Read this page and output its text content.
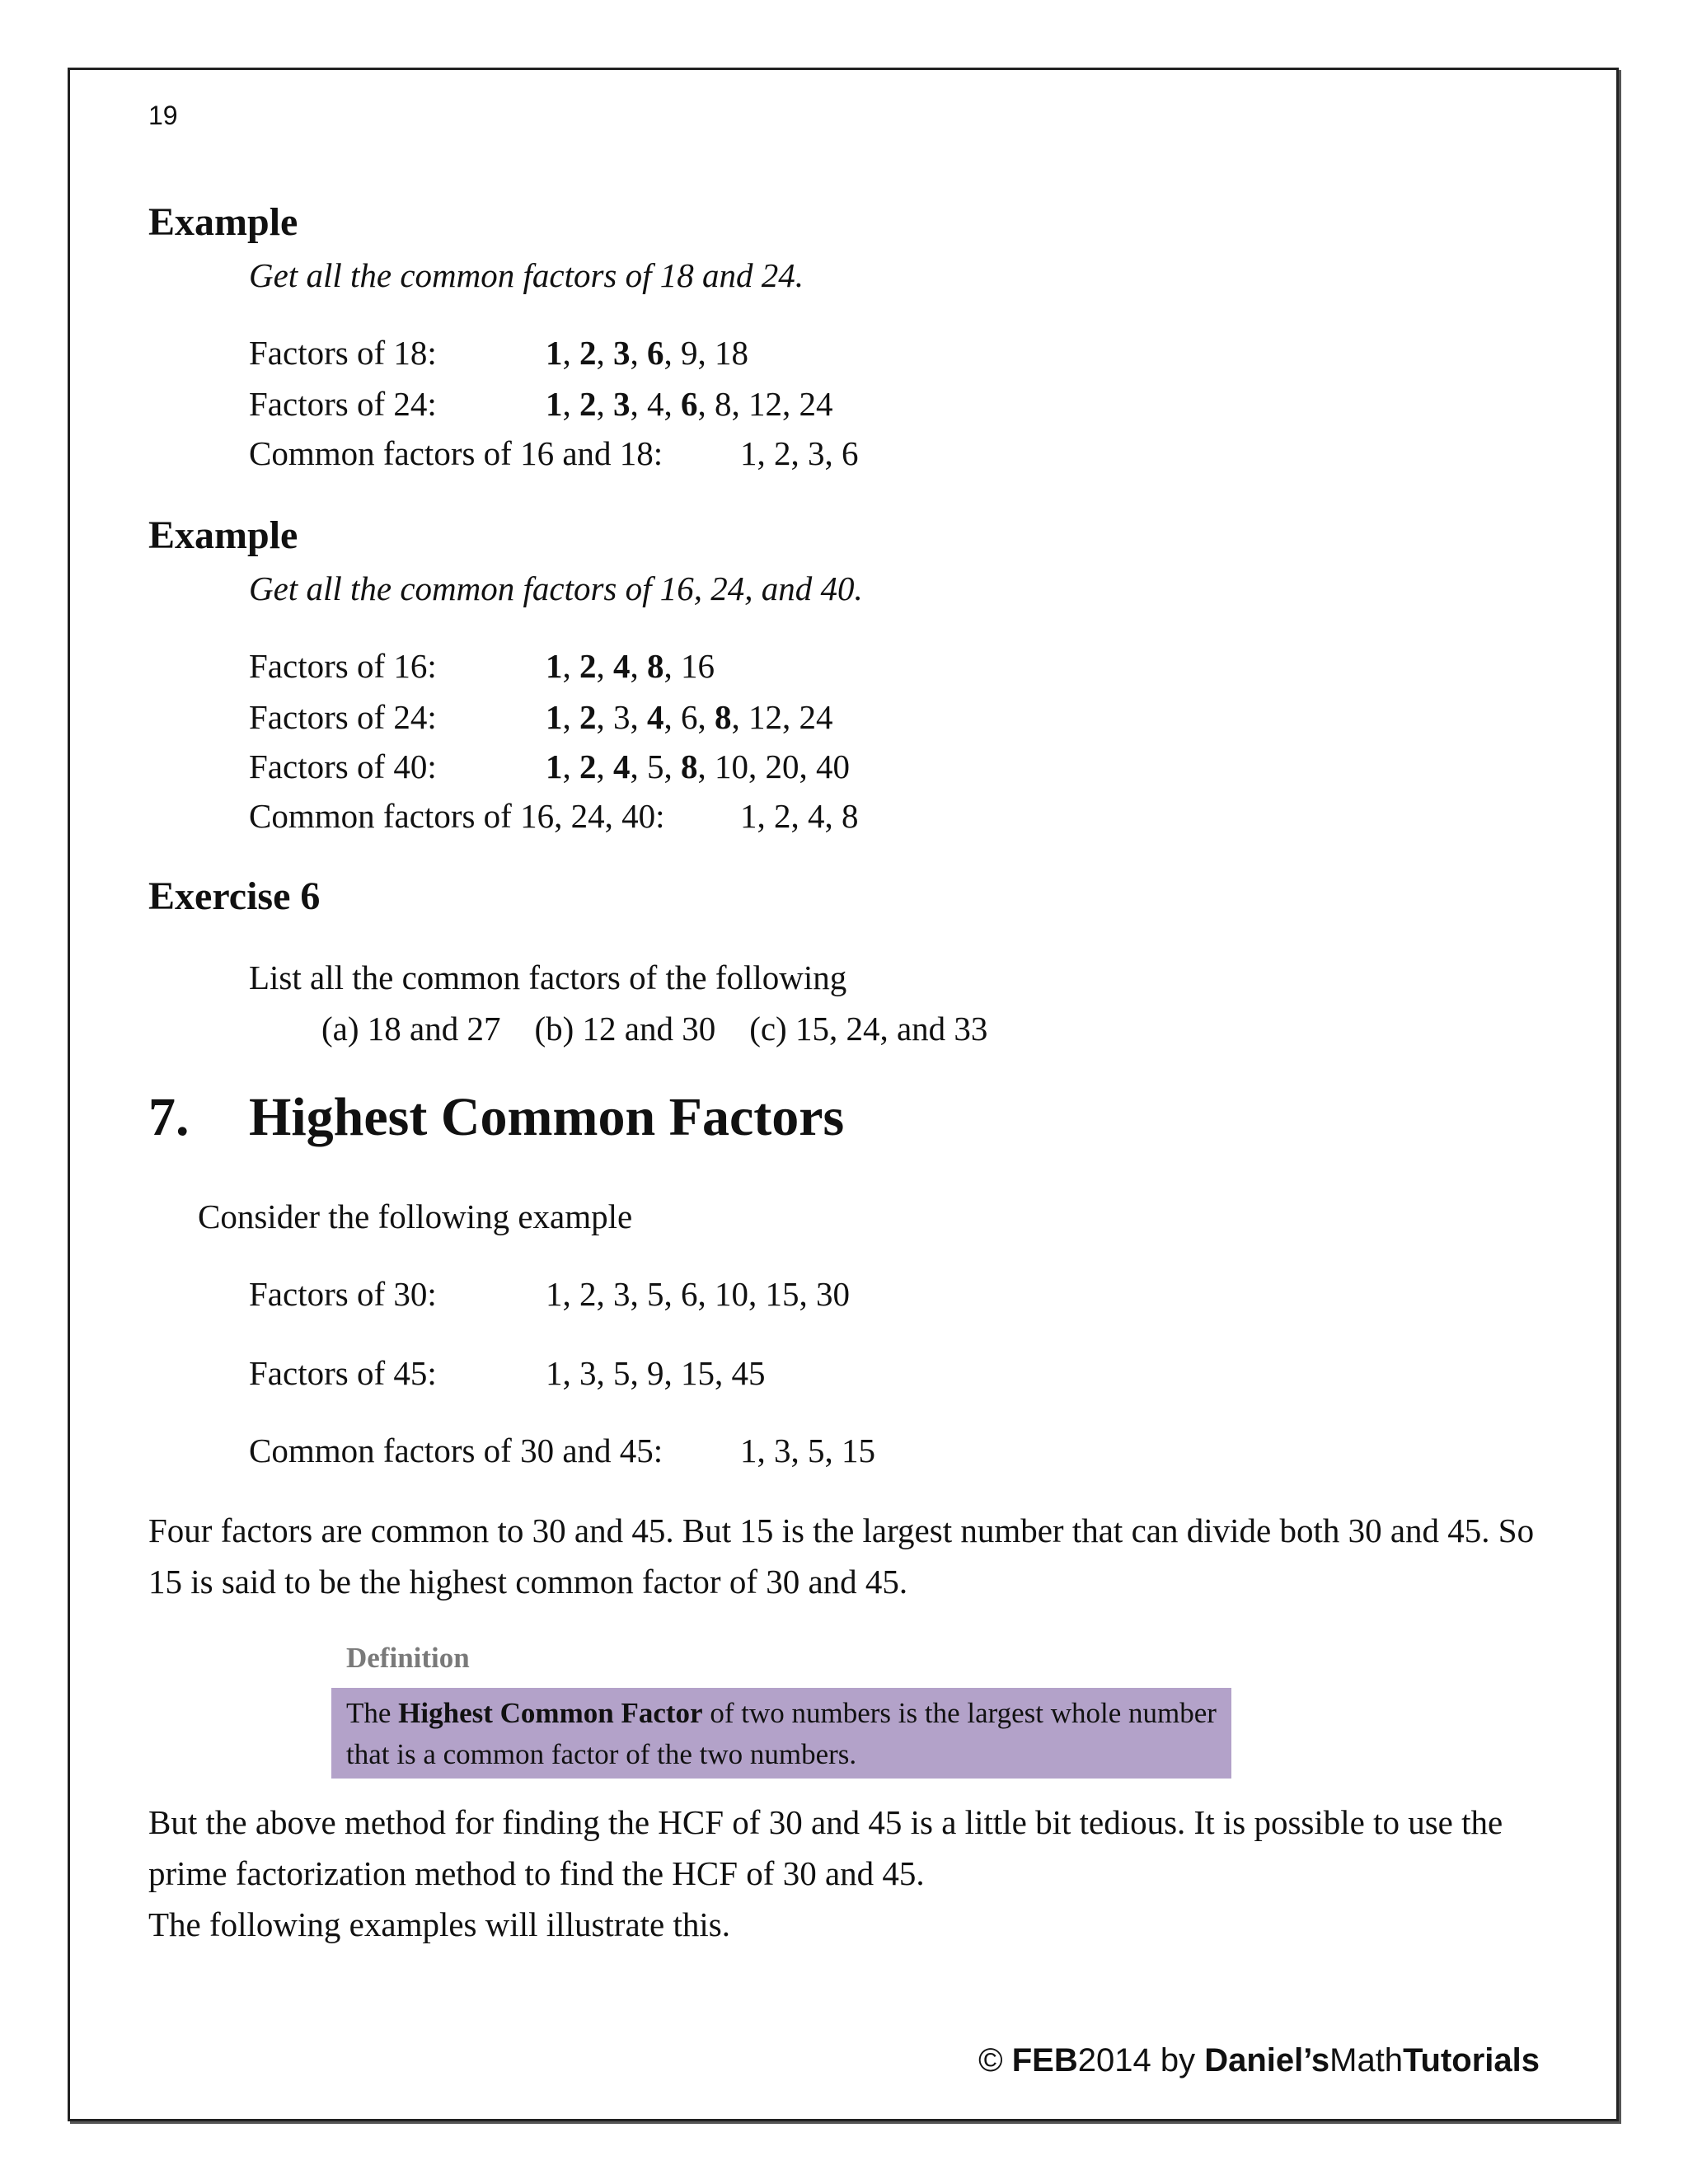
19
Example
Get all the common factors of 18 and 24.
Factors of 18:	1, 2, 3, 6, 9, 18
Factors of 24:	1, 2, 3, 4, 6, 8, 12, 24
Common factors of 16 and 18: 1, 2, 3, 6
Example
Get all the common factors of 16, 24, and 40.
Factors of 16:	1, 2, 4, 8, 16
Factors of 24:	1, 2, 3, 4, 6, 8, 12, 24
Factors of 40:	1, 2, 4, 5, 8, 10, 20, 40
Common factors of 16, 24, 40: 1, 2, 4, 8
Exercise 6
List all the common factors of the following
(a) 18 and 27    (b) 12 and 30    (c) 15, 24, and 33
7. Highest Common Factors
Consider the following example
Factors of 30:	1, 2, 3, 5, 6, 10, 15, 30
Factors of 45:	1, 3, 5, 9, 15, 45
Common factors of 30 and 45: 1, 3, 5, 15
Four factors are common to 30 and 45. But 15 is the largest number that can divide both 30 and 45. So 15 is said to be the highest common factor of 30 and 45.
Definition
The Highest Common Factor of two numbers is the largest whole number that is a common factor of the two numbers.
But the above method for finding the HCF of 30 and 45 is a little bit tedious. It is possible to use the prime factorization method to find the HCF of 30 and 45.
The following examples will illustrate this.
© FEB2014 by Daniel’sMathTutorials
